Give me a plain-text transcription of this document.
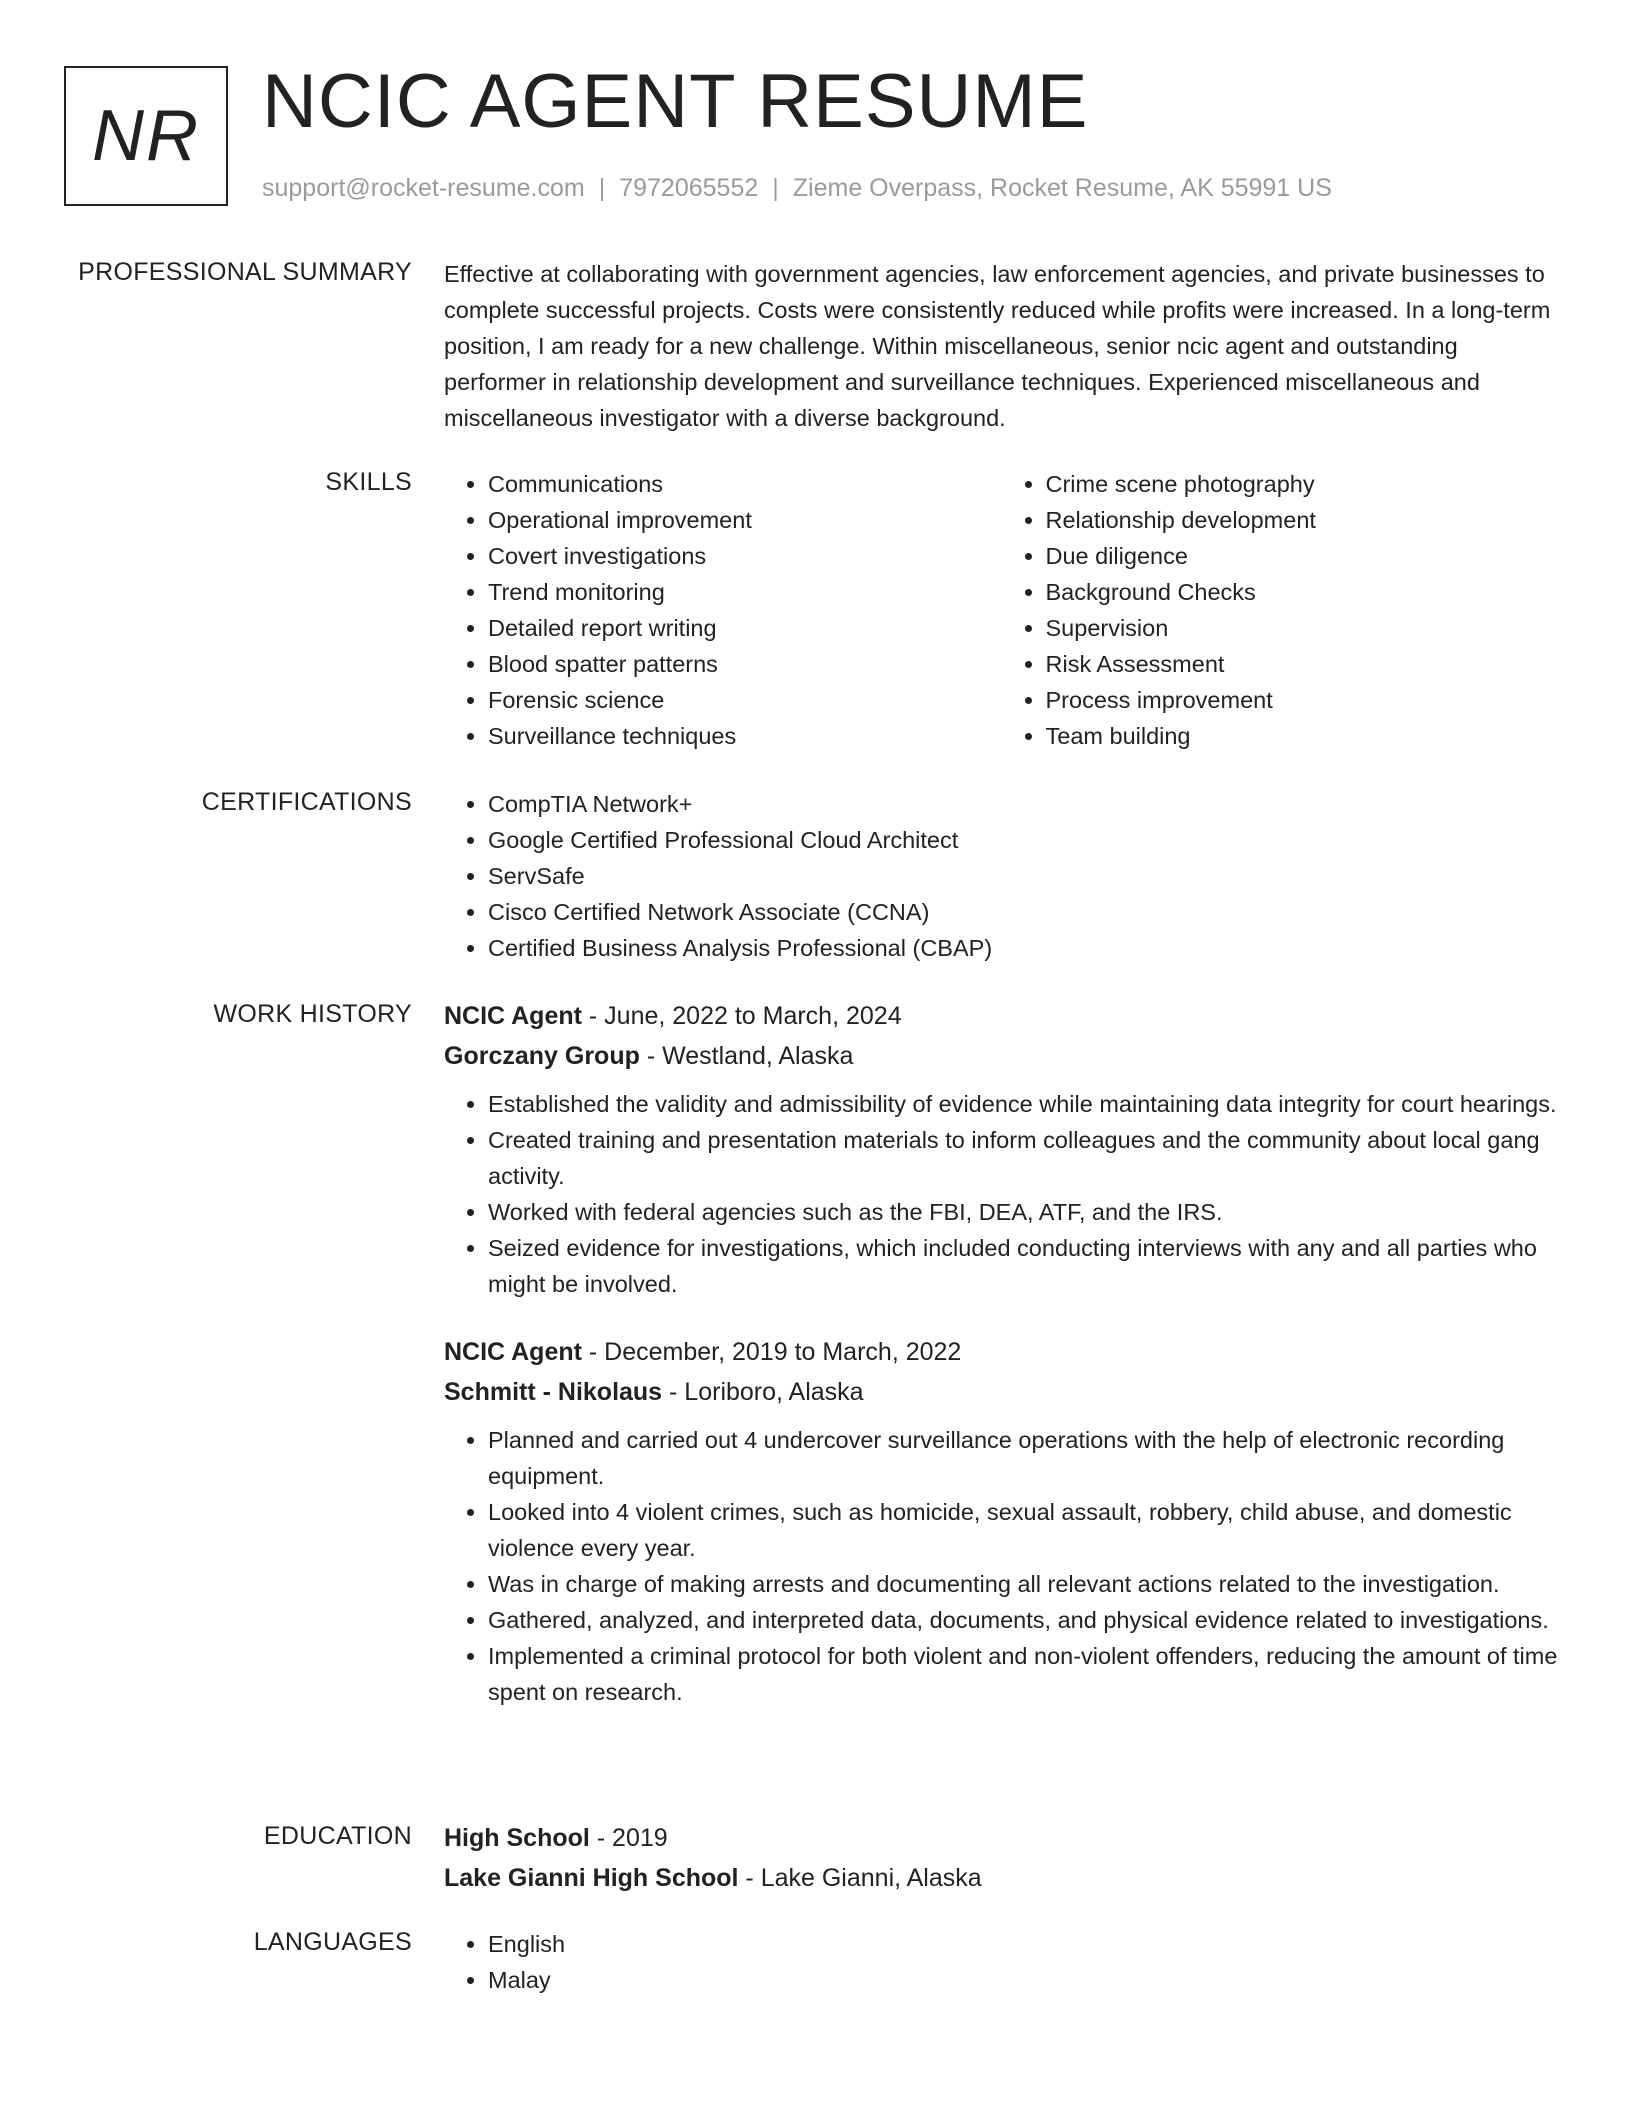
NR NCIC AGENT RESUME
support@rocket-resume.com | 7972065552 | Zieme Overpass, Rocket Resume, AK 55991 US
PROFESSIONAL SUMMARY Effective at collaborating with government agencies, law enforcement agencies, and private businesses to complete successful projects. Costs were consistently reduced while profits were increased. In a long-term position, I am ready for a new challenge. Within miscellaneous, senior ncic agent and outstanding performer in relationship development and surveillance techniques. Experienced miscellaneous and miscellaneous investigator with a diverse background.
SKILLS	• Communications
• Operational improvement
• Covert investigations
• Trend monitoring
• Detailed report writing
• Blood spatter patterns
• Forensic science
• Surveillance techniques
• Crime scene photography
• Relationship development
• Due diligence
• Background Checks
• Supervision
• Risk Assessment
• Process improvement
• Team building
CERTIFICATIONS	• CompTIA Network+
• Google Certified Professional Cloud Architect
• ServSafe
• Cisco Certified Network Associate (CCNA)
• Certified Business Analysis Professional (CBAP)
WORK HISTORY NCIC Agent - June, 2022 to March, 2024
Gorczany Group - Westland, Alaska
• Established the validity and admissibility of evidence while maintaining data integrity for court hearings.
• Created training and presentation materials to inform colleagues and the community about local gang activity.
• Worked with federal agencies such as the FBI, DEA, ATF, and the IRS.
• Seized evidence for investigations, which included conducting interviews with any and all parties who might be involved.
NCIC Agent - December, 2019 to March, 2022
Schmitt - Nikolaus - Loriboro, Alaska
• Planned and carried out 4 undercover surveillance operations with the help of electronic recording equipment.
• Looked into 4 violent crimes, such as homicide, sexual assault, robbery, child abuse, and domestic violence every year.
• Was in charge of making arrests and documenting all relevant actions related to the investigation.
• Gathered, analyzed, and interpreted data, documents, and physical evidence related to investigations.
• Implemented a criminal protocol for both violent and non-violent offenders, reducing the amount of time spent on research.
EDUCATION High School - 2019
Lake Gianni High School - Lake Gianni, Alaska
LANGUAGES	• English
• Malay
